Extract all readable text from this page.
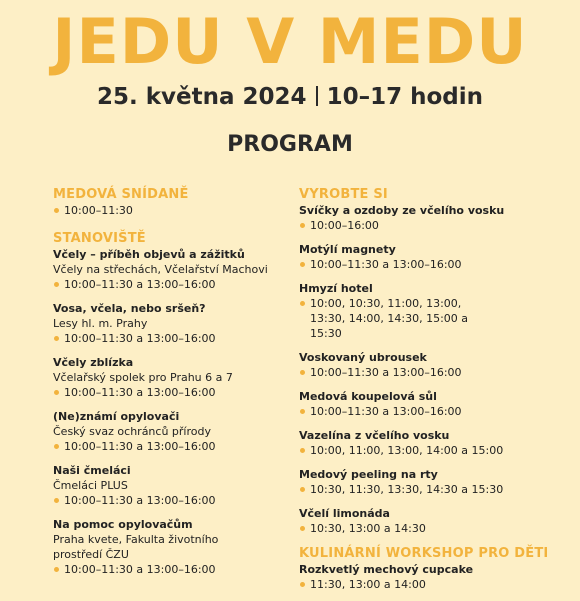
JEDU V MEDU
25. května 2024 10–17 hodin
PROGRAM
MEDOVÁ SNÍDANĚ
10:00–11:30
STANOVIŠTĚ
Včely – příběh objevů a zážitků
Včely na střechách, Včelařství Machovi
10:00–11:30 a 13:00–16:00
Vosa, včela, nebo sršeň?
Lesy hl. m. Prahy
10:00–11:30 a 13:00–16:00
Včely zblízka
Včelařský spolek pro Prahu 6 a 7
10:00–11:30 a 13:00–16:00
(Ne)známí opylovači
Český svaz ochránců přírody
10:00–11:30 a 13:00–16:00
Naši čmeláci
Čmeláci PLUS
10:00–11:30 a 13:00–16:00
Na pomoc opylovačům
Praha kvete, Fakulta životního prostředí ČZU
10:00–11:30 a 13:00–16:00
VYROBTE SI
Svíčky a ozdoby ze včelího vosku
10:00–16:00
Motýlí magnety
10:00–11:30 a 13:00–16:00
Hmyzí hotel
10:00, 10:30, 11:00, 13:00, 13:30, 14:00, 14:30, 15:00 a 15:30
Voskovaný ubrousek
10:00–11:30 a 13:00–16:00
Medová koupelová sůl
10:00–11:30 a 13:00–16:00
Vazelína z včelího vosku
10:00, 11:00, 13:00, 14:00 a 15:00
Medový peeling na rty
10:30, 11:30, 13:30, 14:30 a 15:30
Včelí limonáda
10:30, 13:00 a 14:30
KULINÁRNÍ WORKSHOP PRO DĚTI
Rozkvetlý mechový cupcake
11:30, 13:00 a 14:00
